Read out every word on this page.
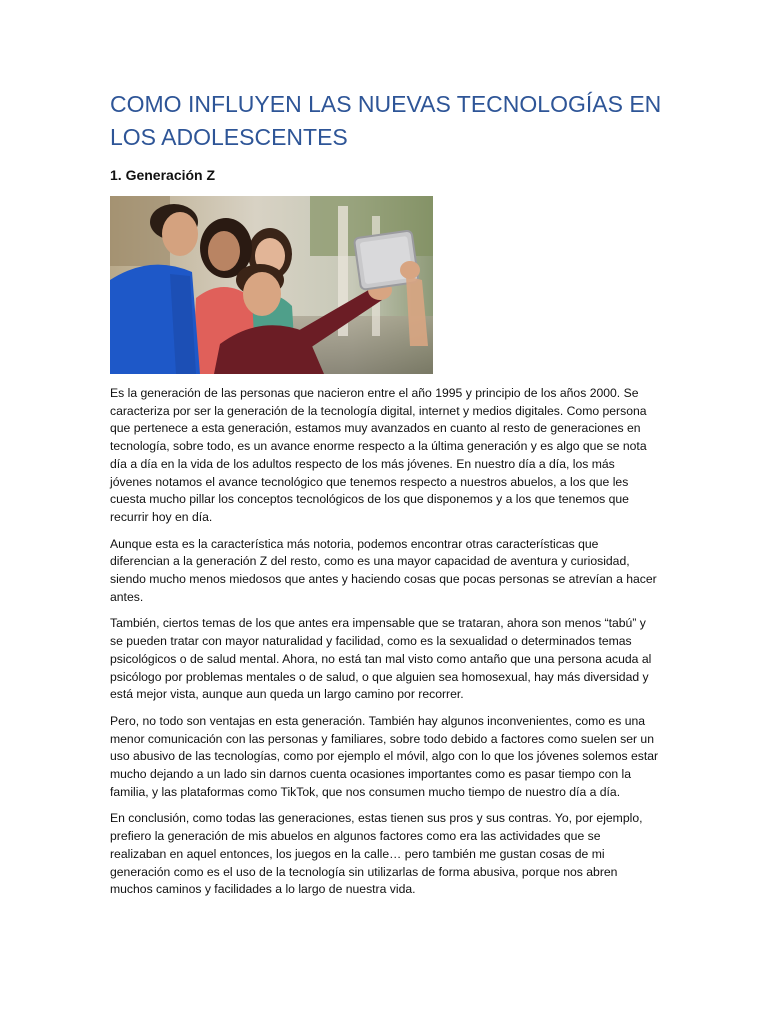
COMO INFLUYEN LAS NUEVAS TECNOLOGÍAS EN LOS ADOLESCENTES
1. Generación Z

Es la generación de las personas que nacieron entre el año 1995 y principio de los años 2000. Se caracteriza por ser la generación de la tecnología digital, internet y medios digitales. Como persona que pertenece a esta generación, estamos muy avanzados en cuanto al resto de generaciones en tecnología, sobre todo, es un avance enorme respecto a la última generación y es algo que se nota día a día en la vida de los adultos respecto de los más jóvenes. En nuestro día a día, los más jóvenes notamos el avance tecnológico que tenemos respecto a nuestros abuelos, a los que les cuesta mucho pillar los conceptos tecnológicos de los que disponemos y a los que tenemos que recurrir hoy en día.

Aunque esta es la característica más notoria, podemos encontrar otras características que diferencian a la generación Z del resto, como es una mayor capacidad de aventura y curiosidad, siendo mucho menos miedosos que antes y haciendo cosas que pocas personas se atrevían a hacer antes.

También, ciertos temas de los que antes era impensable que se trataran, ahora son menos “tabú” y se pueden tratar con mayor naturalidad y facilidad, como es la sexualidad o determinados temas psicológicos o de salud mental. Ahora, no está tan mal visto como antaño que una persona acuda al psicólogo por problemas mentales o de salud, o que alguien sea homosexual, hay más diversidad y está mejor vista, aunque aun queda un largo camino por recorrer.

Pero, no todo son ventajas en esta generación. También hay algunos inconvenientes, como es una menor comunicación con las personas y familiares, sobre todo debido a factores como suelen ser un uso abusivo de las tecnologías, como por ejemplo el móvil, algo con lo que los jóvenes solemos estar mucho dejando a un lado sin darnos cuenta ocasiones importantes como es pasar tiempo con la familia, y las plataformas como TikTok, que nos consumen mucho tiempo de nuestro día a día.

En conclusión, como todas las generaciones, estas tienen sus pros y sus contras. Yo, por ejemplo, prefiero la generación de mis abuelos en algunos factores como era las actividades que se realizaban en aquel entonces, los juegos en la calle… pero también me gustan cosas de mi generación como es el uso de la tecnología sin utilizarlas de forma abusiva, porque nos abren muchos caminos y facilidades a lo largo de nuestra vida.
